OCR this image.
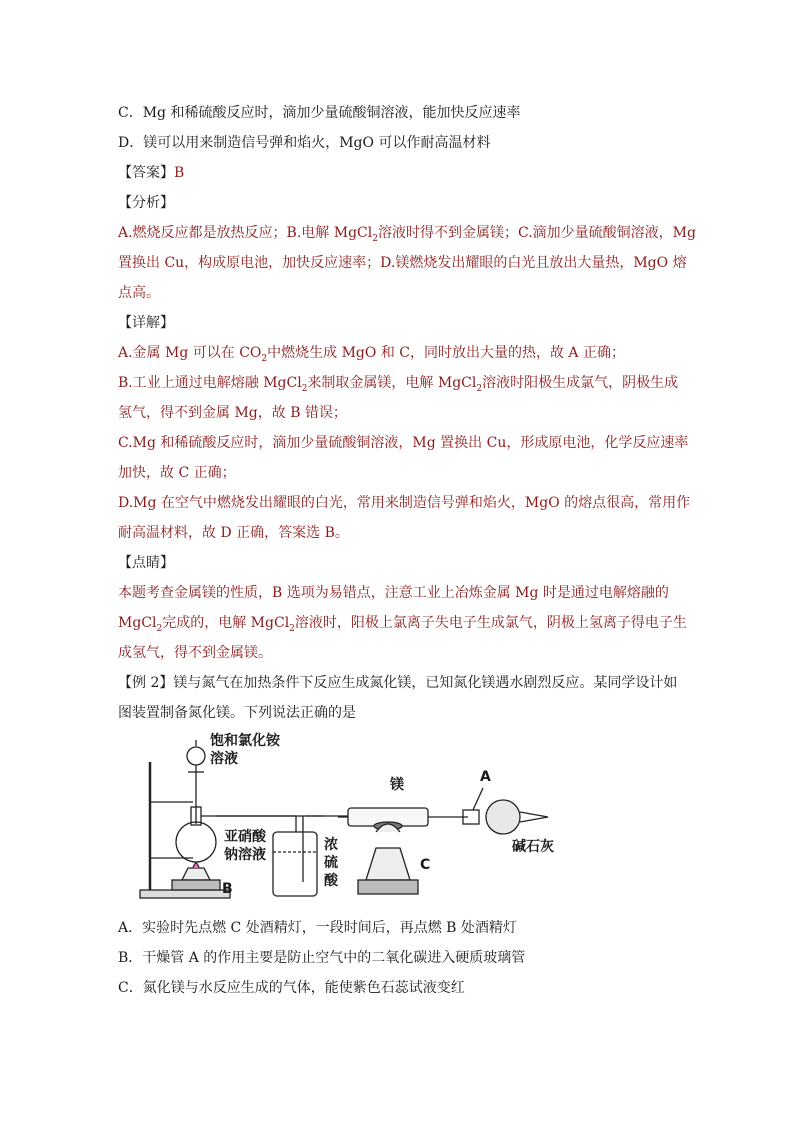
C．Mg 和稀硫酸反应时，滴加少量硫酸铜溶液，能加快反应速率
D．镁可以用来制造信号弹和焰火，MgO 可以作耐高温材料
【答案】B
【分析】
A.燃烧反应都是放热反应；B.电解 MgCl$_2$溶液时得不到金属镁；C.滴加少量硫酸铜溶液，Mg
置换出 Cu，构成原电池，加快反应速率；D.镁燃烧发出耀眼的白光且放出大量热，MgO 熔
点高。
【详解】
A.金属 Mg 可以在 $CO_2$中燃烧生成 MgO 和 C，同时放出大量的热，故 A 正确；
B.工业上通过电解熔融 MgCl$_2$来制取金属镁，电解 MgCl$_2$溶液时阳极生成氯气，阴极生成
氢气，得不到金属 Mg，故 B 错误；
C.Mg 和稀硫酸反应时，滴加少量硫酸铜溶液，Mg 置换出 Cu，形成原电池，化学反应速率
加快，故 C 正确；
D.Mg 在空气中燃烧发出耀眼的白光，常用来制造信号弹和焰火，MgO 的熔点很高，常用作
耐高温材料，故 D 正确，答案选 B。
【点睛】
本题考查金属镁的性质，B 选项为易错点，注意工业上冶炼金属 Mg 时是通过电解熔融的
MgCl$_2$完成的，电解 MgCl$_2$溶液时，阳极上氯离子失电子生成氯气，阴极上氢离子得电子生
成氢气，得不到金属镁。
【例 2】镁与氮气在加热条件下反应生成氮化镁，已知氮化镁遇水剧烈反应。某同学设计如
图装置制备氮化镁。下列说法正确的是
饱和氯化铵
溶液
亚硝酸
钠溶液
B
浓
硫
酸
镁
C
A
碱石灰
A．实验时先点燃 C 处酒精灯，一段时间后，再点燃 B 处酒精灯
B．干燥管 A 的作用主要是防止空气中的二氧化碳进入硬质玻璃管
C．氮化镁与水反应生成的气体，能使紫色石蕊试液变红
